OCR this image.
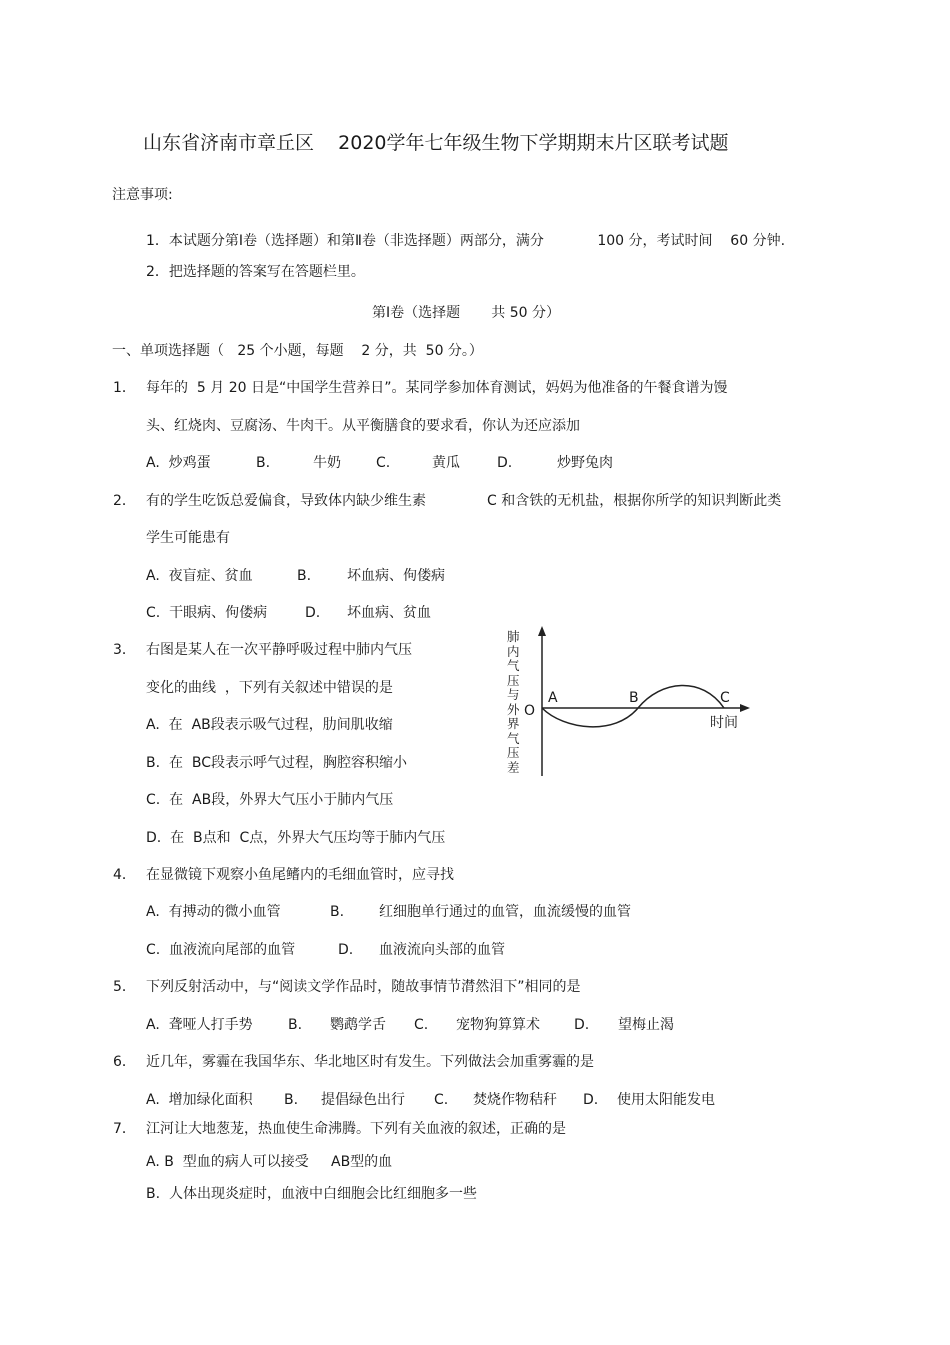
山东省济南市章丘区    2020学年七年级生物下学期期末片区联考试题
注意事项:
1．本试题分第Ⅰ卷（选择题）和第Ⅱ卷（非选择题）两部分，满分            100 分，考试时间    60 分钟.
2．把选择题的答案写在答题栏里。
第Ⅰ卷（选择题       共 50 分）
一、单项选择题（   25 个小题，每题    2 分，共  50 分。）
1． 每年的  5 月 20 日是“中国学生营养日”。某同学参加体育测试，妈妈为他准备的午餐食谱为馒
头、红烧肉、豆腐汤、牛肉干。从平衡膳食的要求看，你认为还应添加
A.  炒鸡蛋	B.	牛奶	C.	黄瓜	D.	炒野兔肉
2． 有的学生吃饭总爱偏食，导致体内缺少维生素	C 和含铁的无机盐，根据你所学的知识判断此类
学生可能患有
A.  夜盲症、贫血	B.	坏血病、佝偻病
C.  干眼病、佝偻病	D. 坏血病、贫血
3． 右图是某人在一次平静呼吸过程中肺内气压
变化的曲线  ，下列有关叙述中错误的是
A.  在  AB段表示吸气过程，肋间肌收缩
B.  在  BC段表示呼气过程，胸腔容积缩小
C.  在  AB段，外界大气压小于肺内气压
D.  在  B点和  C点，外界大气压均等于肺内气压
肺
内
气
压
与
外
界
气
压
差
O
A	B	C
时间
4． 在显微镜下观察小鱼尾鳍内的毛细血管时，应寻找
A.  有搏动的微小血管	B. 红细胞单行通过的血管，血流缓慢的血管
C.  血液流向尾部的血管	D. 血液流向头部的血管
5． 下列反射活动中，与“阅读文学作品时，随故事情节潸然泪下”相同的是
A.  聋哑人打手势	B. 鹦鹉学舌 C. 宠物狗算算术 D. 望梅止渴
6． 近几年，雾霾在我国华东、华北地区时有发生。下列做法会加重雾霾的是
A.  增加绿化面积 B. 提倡绿色出行 C. 焚烧作物秸秆 D. 使用太阳能发电
7． 江河让大地葱茏，热血使生命沸腾。下列有关血液的叙述，正确的是
A. B  型血的病人可以接受     AB型的血
B.  人体出现炎症时，血液中白细胞会比红细胞多一些
